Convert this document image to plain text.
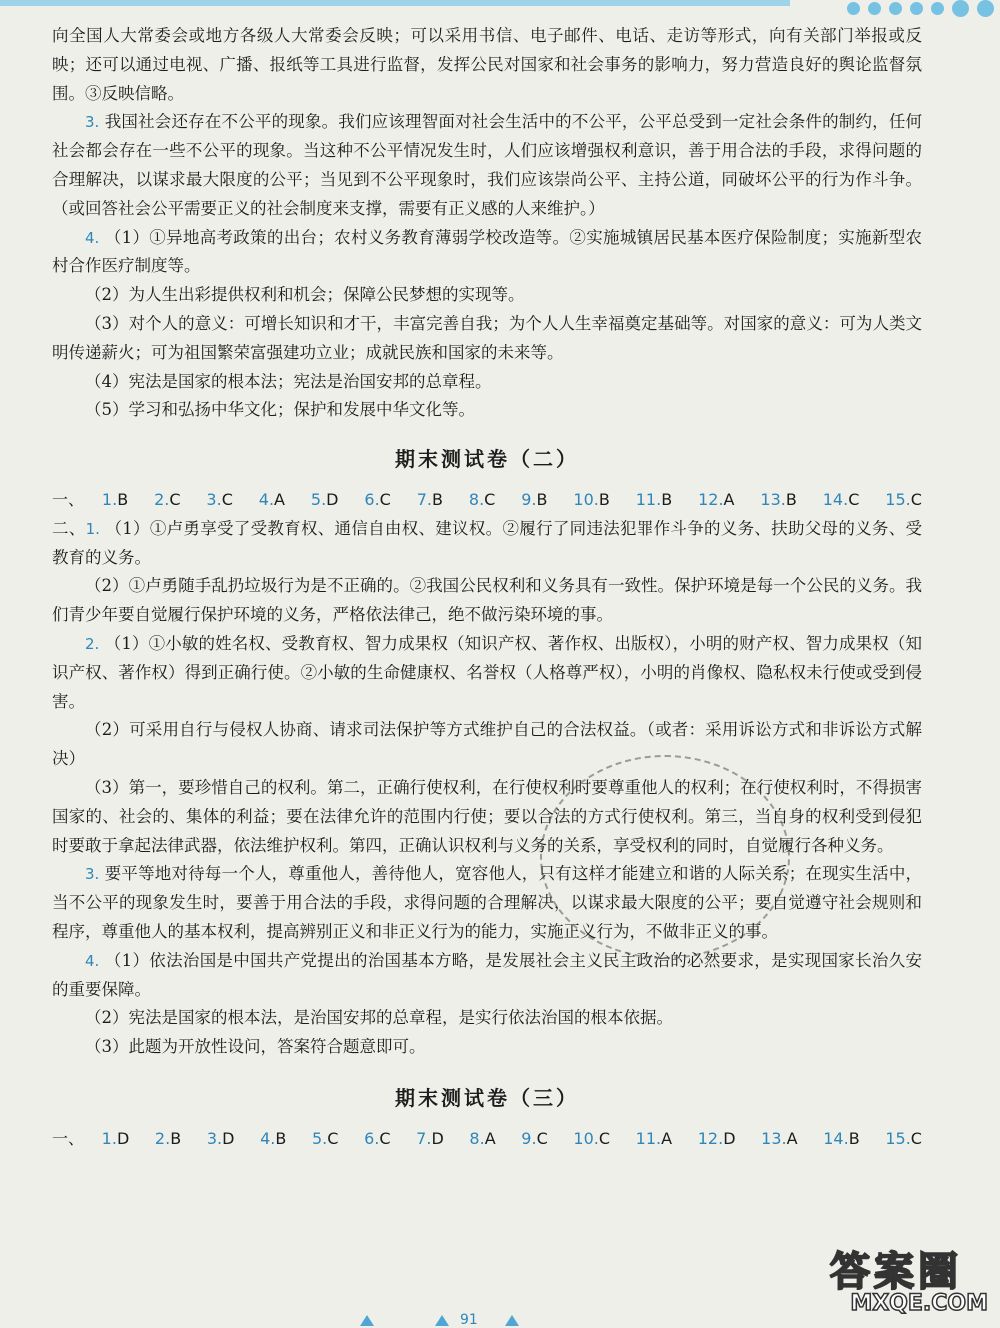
向全国人大常委会或地方各级人大常委会反映；可以采用书信、电子邮件、电话、走访等形式，向有关部门举报或反映；还可以通过电视、广播、报纸等工具进行监督，发挥公民对国家和社会事务的影响力，努力营造良好的舆论监督氛围。③反映信略。

3. 我国社会还存在不公平的现象。我们应该理智面对社会生活中的不公平，公平总受到一定社会条件的制约，任何社会都会存在一些不公平的现象。当这种不公平情况发生时，人们应该增强权利意识，善于用合法的手段，求得问题的合理解决，以谋求最大限度的公平；当见到不公平现象时，我们应该崇尚公平、主持公道，同破坏公平的行为作斗争。（或回答社会公平需要正义的社会制度来支撑，需要有正义感的人来维护。）

4. （1）①异地高考政策的出台；农村义务教育薄弱学校改造等。②实施城镇居民基本医疗保险制度；实施新型农村合作医疗制度等。

（2）为人生出彩提供权利和机会；保障公民梦想的实现等。

（3）对个人的意义：可增长知识和才干，丰富完善自我；为个人人生幸福奠定基础等。对国家的意义：可为人类文明传递薪火；可为祖国繁荣富强建功立业；成就民族和国家的未来等。

（4）宪法是国家的根本法；宪法是治国安邦的总章程。

（5）学习和弘扬中华文化；保护和发展中华文化等。

期末测试卷（二）

一、 1.B 2.C 3.C 4.A 5.D 6.C 7.B 8.C 9.B 10.B 11.B 12.A 13.B 14.C 15.C

二、1. （1）①卢勇享受了受教育权、通信自由权、建议权。②履行了同违法犯罪作斗争的义务、扶助父母的义务、受教育的义务。

（2）①卢勇随手乱扔垃圾行为是不正确的。②我国公民权利和义务具有一致性。保护环境是每一个公民的义务。我们青少年要自觉履行保护环境的义务，严格依法律己，绝不做污染环境的事。

2. （1）①小敏的姓名权、受教育权、智力成果权（知识产权、著作权、出版权），小明的财产权、智力成果权（知识产权、著作权）得到正确行使。②小敏的生命健康权、名誉权（人格尊严权），小明的肖像权、隐私权未行使或受到侵害。

（2）可采用自行与侵权人协商、请求司法保护等方式维护自己的合法权益。（或者：采用诉讼方式和非诉讼方式解决）

（3）第一，要珍惜自己的权利。第二，正确行使权利，在行使权利时要尊重他人的权利；在行使权利时，不得损害国家的、社会的、集体的利益；要在法律允许的范围内行使；要以合法的方式行使权利。第三，当自身的权利受到侵犯时要敢于拿起法律武器，依法维护权利。第四，正确认识权利与义务的关系，享受权利的同时，自觉履行各种义务。

3. 要平等地对待每一个人，尊重他人，善待他人，宽容他人，只有这样才能建立和谐的人际关系；在现实生活中，当不公平的现象发生时，要善于用合法的手段，求得问题的合理解决，以谋求最大限度的公平；要自觉遵守社会规则和程序，尊重他人的基本权利，提高辨别正义和非正义行为的能力，实施正义行为，不做非正义的事。

4. （1）依法治国是中国共产党提出的治国基本方略，是发展社会主义民主政治的必然要求，是实现国家长治久安的重要保障。

（2）宪法是国家的根本法，是治国安邦的总章程，是实行依法治国的根本依据。

（3）此题为开放性设问，答案符合题意即可。

期末测试卷（三）

一、 1.D 2.B 3.D 4.B 5.C 6.C 7.D 8.A 9.C 10.C 11.A 12.D 13.A 14.B 15.C
91
答案圈
MXQE.COM
